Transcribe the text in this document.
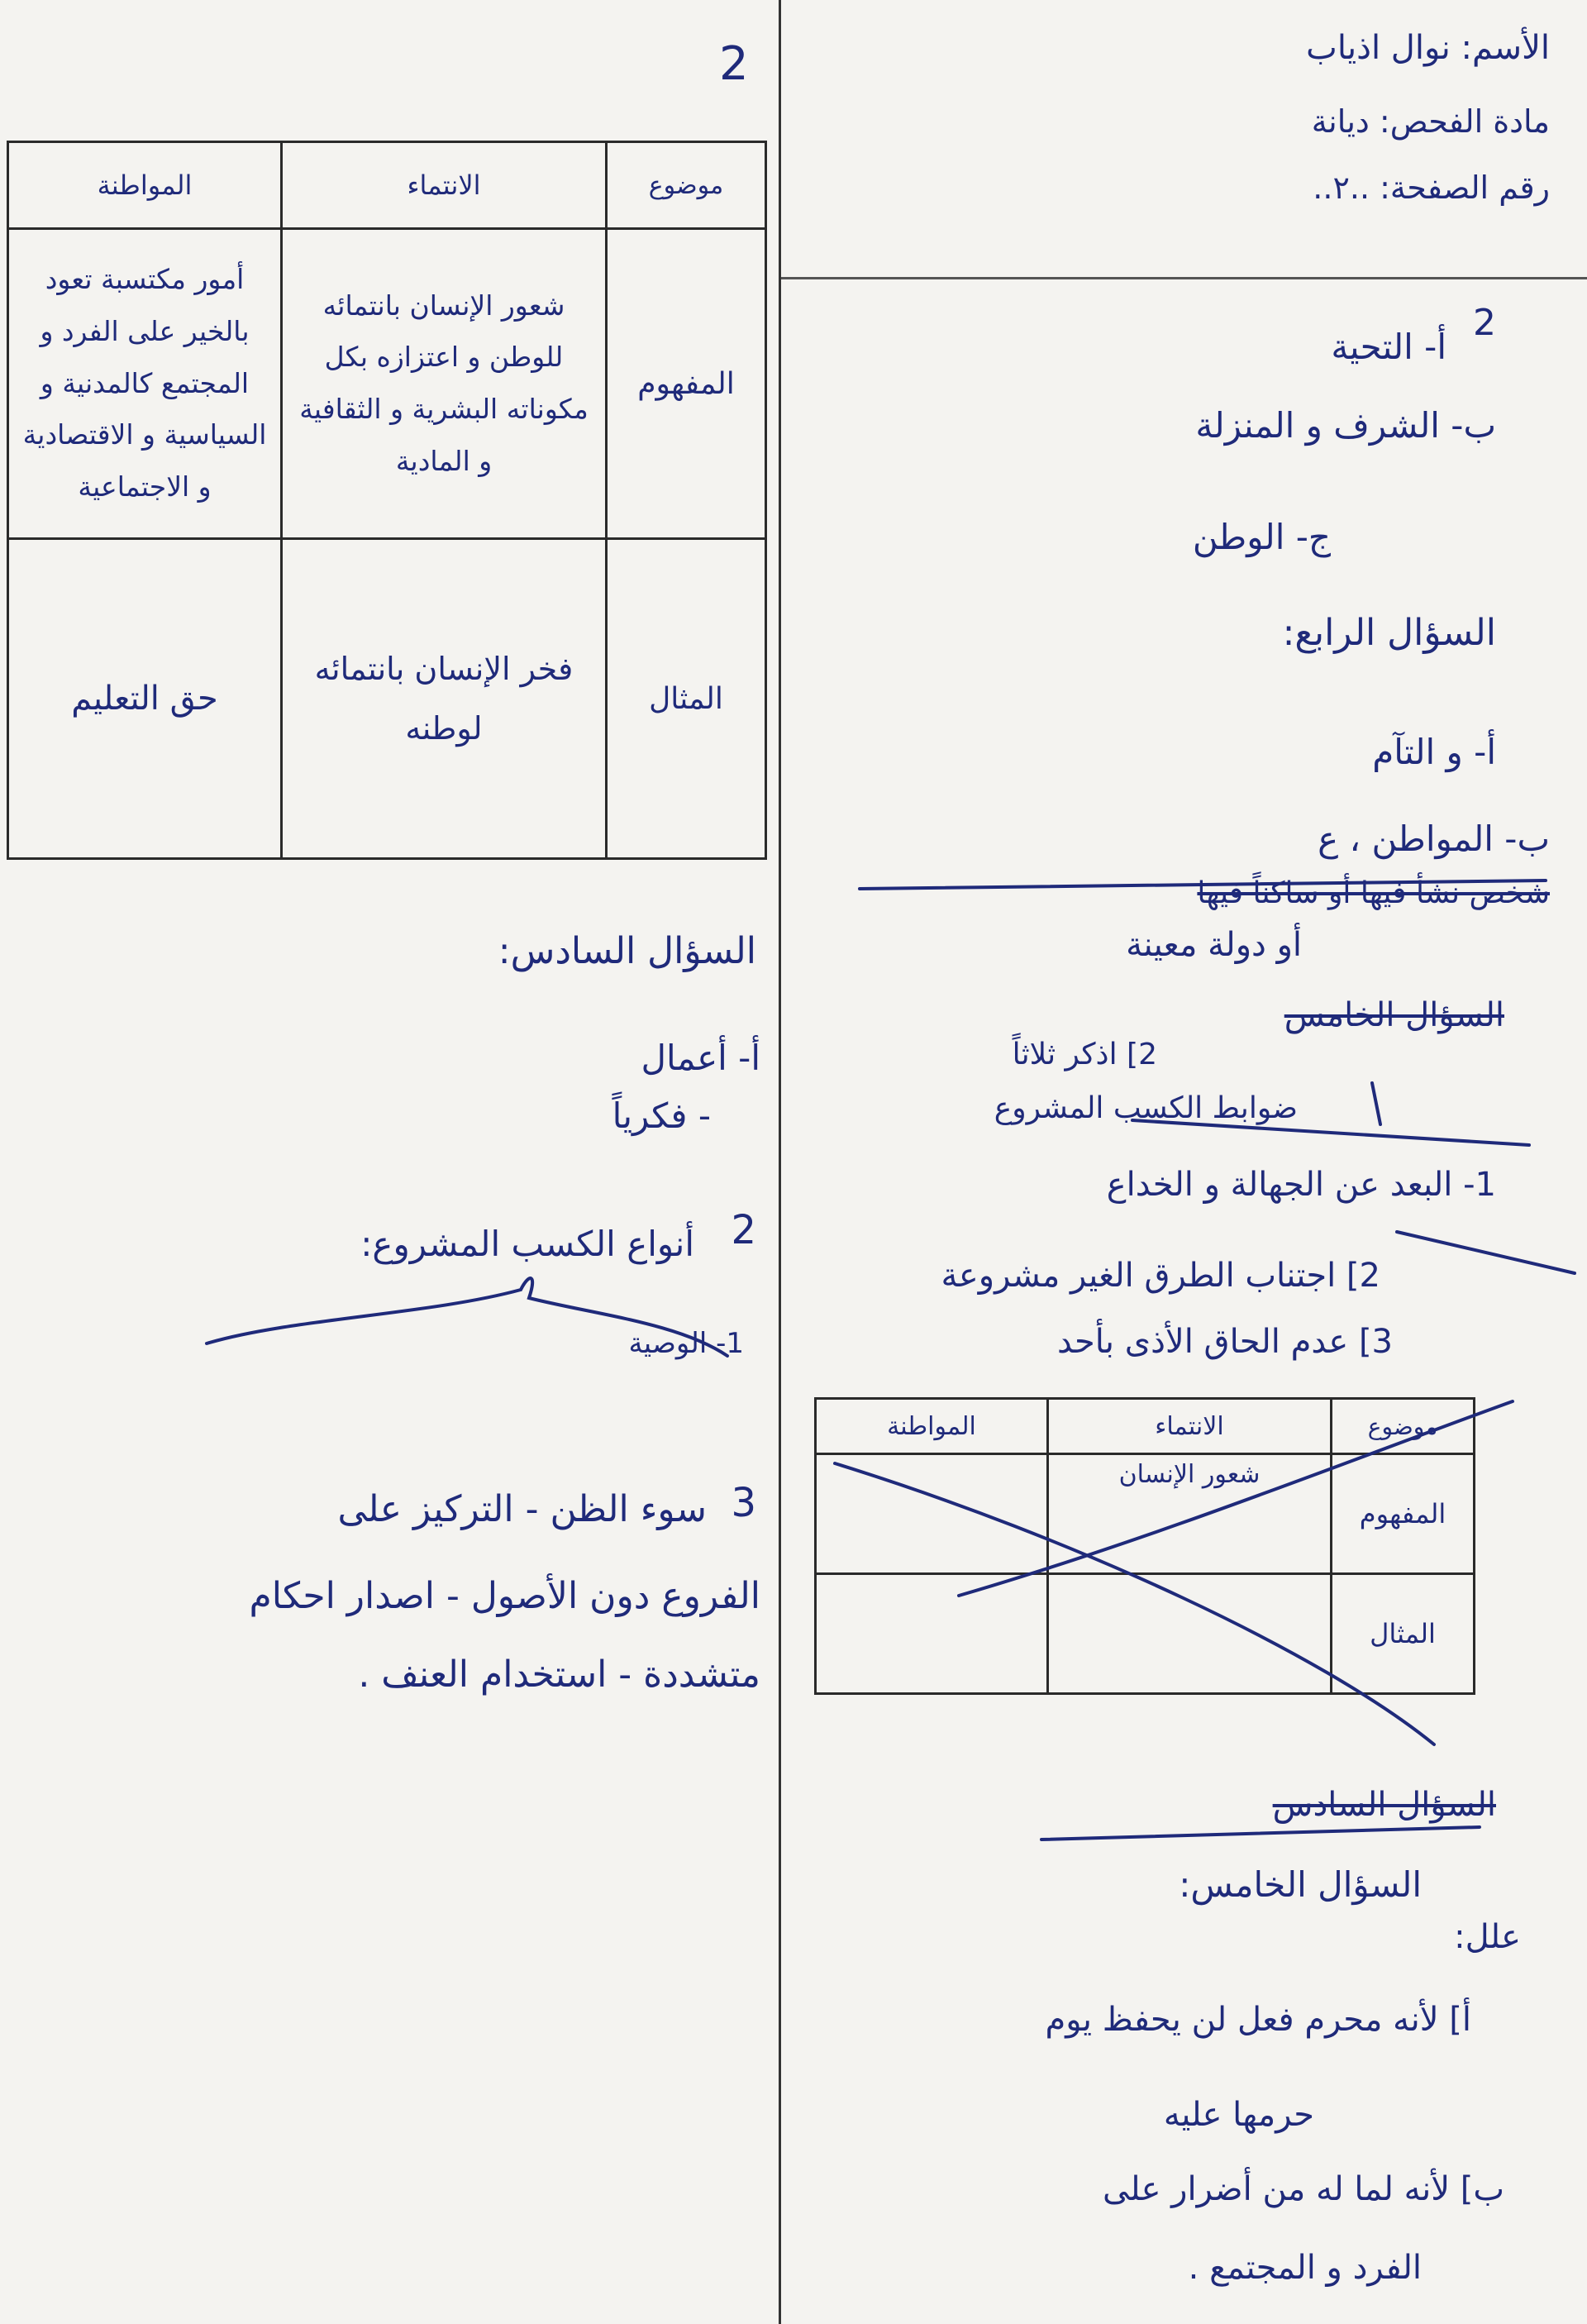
الأسم: نوال اذياب
مادة الفحص: ديانة
رقم الصفحة: ..٢..
2
أ- التحية
ب- الشرف و المنزلة
ج- الوطن
السؤال الرابع:
أ- و التآم
ب- المواطن ، ع
شخص نشأ فيها أو ساكناً فيها
أو دولة معينة
السؤال الخامس
2] اذكر ثلاثاً
ضوابط الكسب المشروع
1- البعد عن الجهالة و الخداع
2] اجتناب الطرق الغير مشروعة
3] عدم الحاق الأذى بأحد
موضوع	الانتماء	المواطنة
المفهوم	شعور الإنسان	
المثال		
السؤال السادس
السؤال الخامس:
علل:
أ] لأنه محرم فعل لن يحفظ يوم
حرمها عليه
ب] لأنه لما له من أضرار على
الفرد و المجتمع .
2
موضوع	الانتماء	المواطنة
المفهوم	شعور الإنسان بانتمائه للوطن و اعتزازه بكل مكوناته البشرية و الثقافية و المادية	أمور مكتسبة تعود بالخير على الفرد و المجتمع كالمدنية و السياسية و الاقتصادية و الاجتماعية
المثال	فخر الإنسان بانتمائه لوطنه	حق التعليم
السؤال السادس:
أ- أعمال
- فكرياً
2
أنواع الكسب المشروع:
1- الوصية
3
سوء الظن - التركيز على
الفروع دون الأصول - اصدار احكام
متشددة - استخدام العنف .
